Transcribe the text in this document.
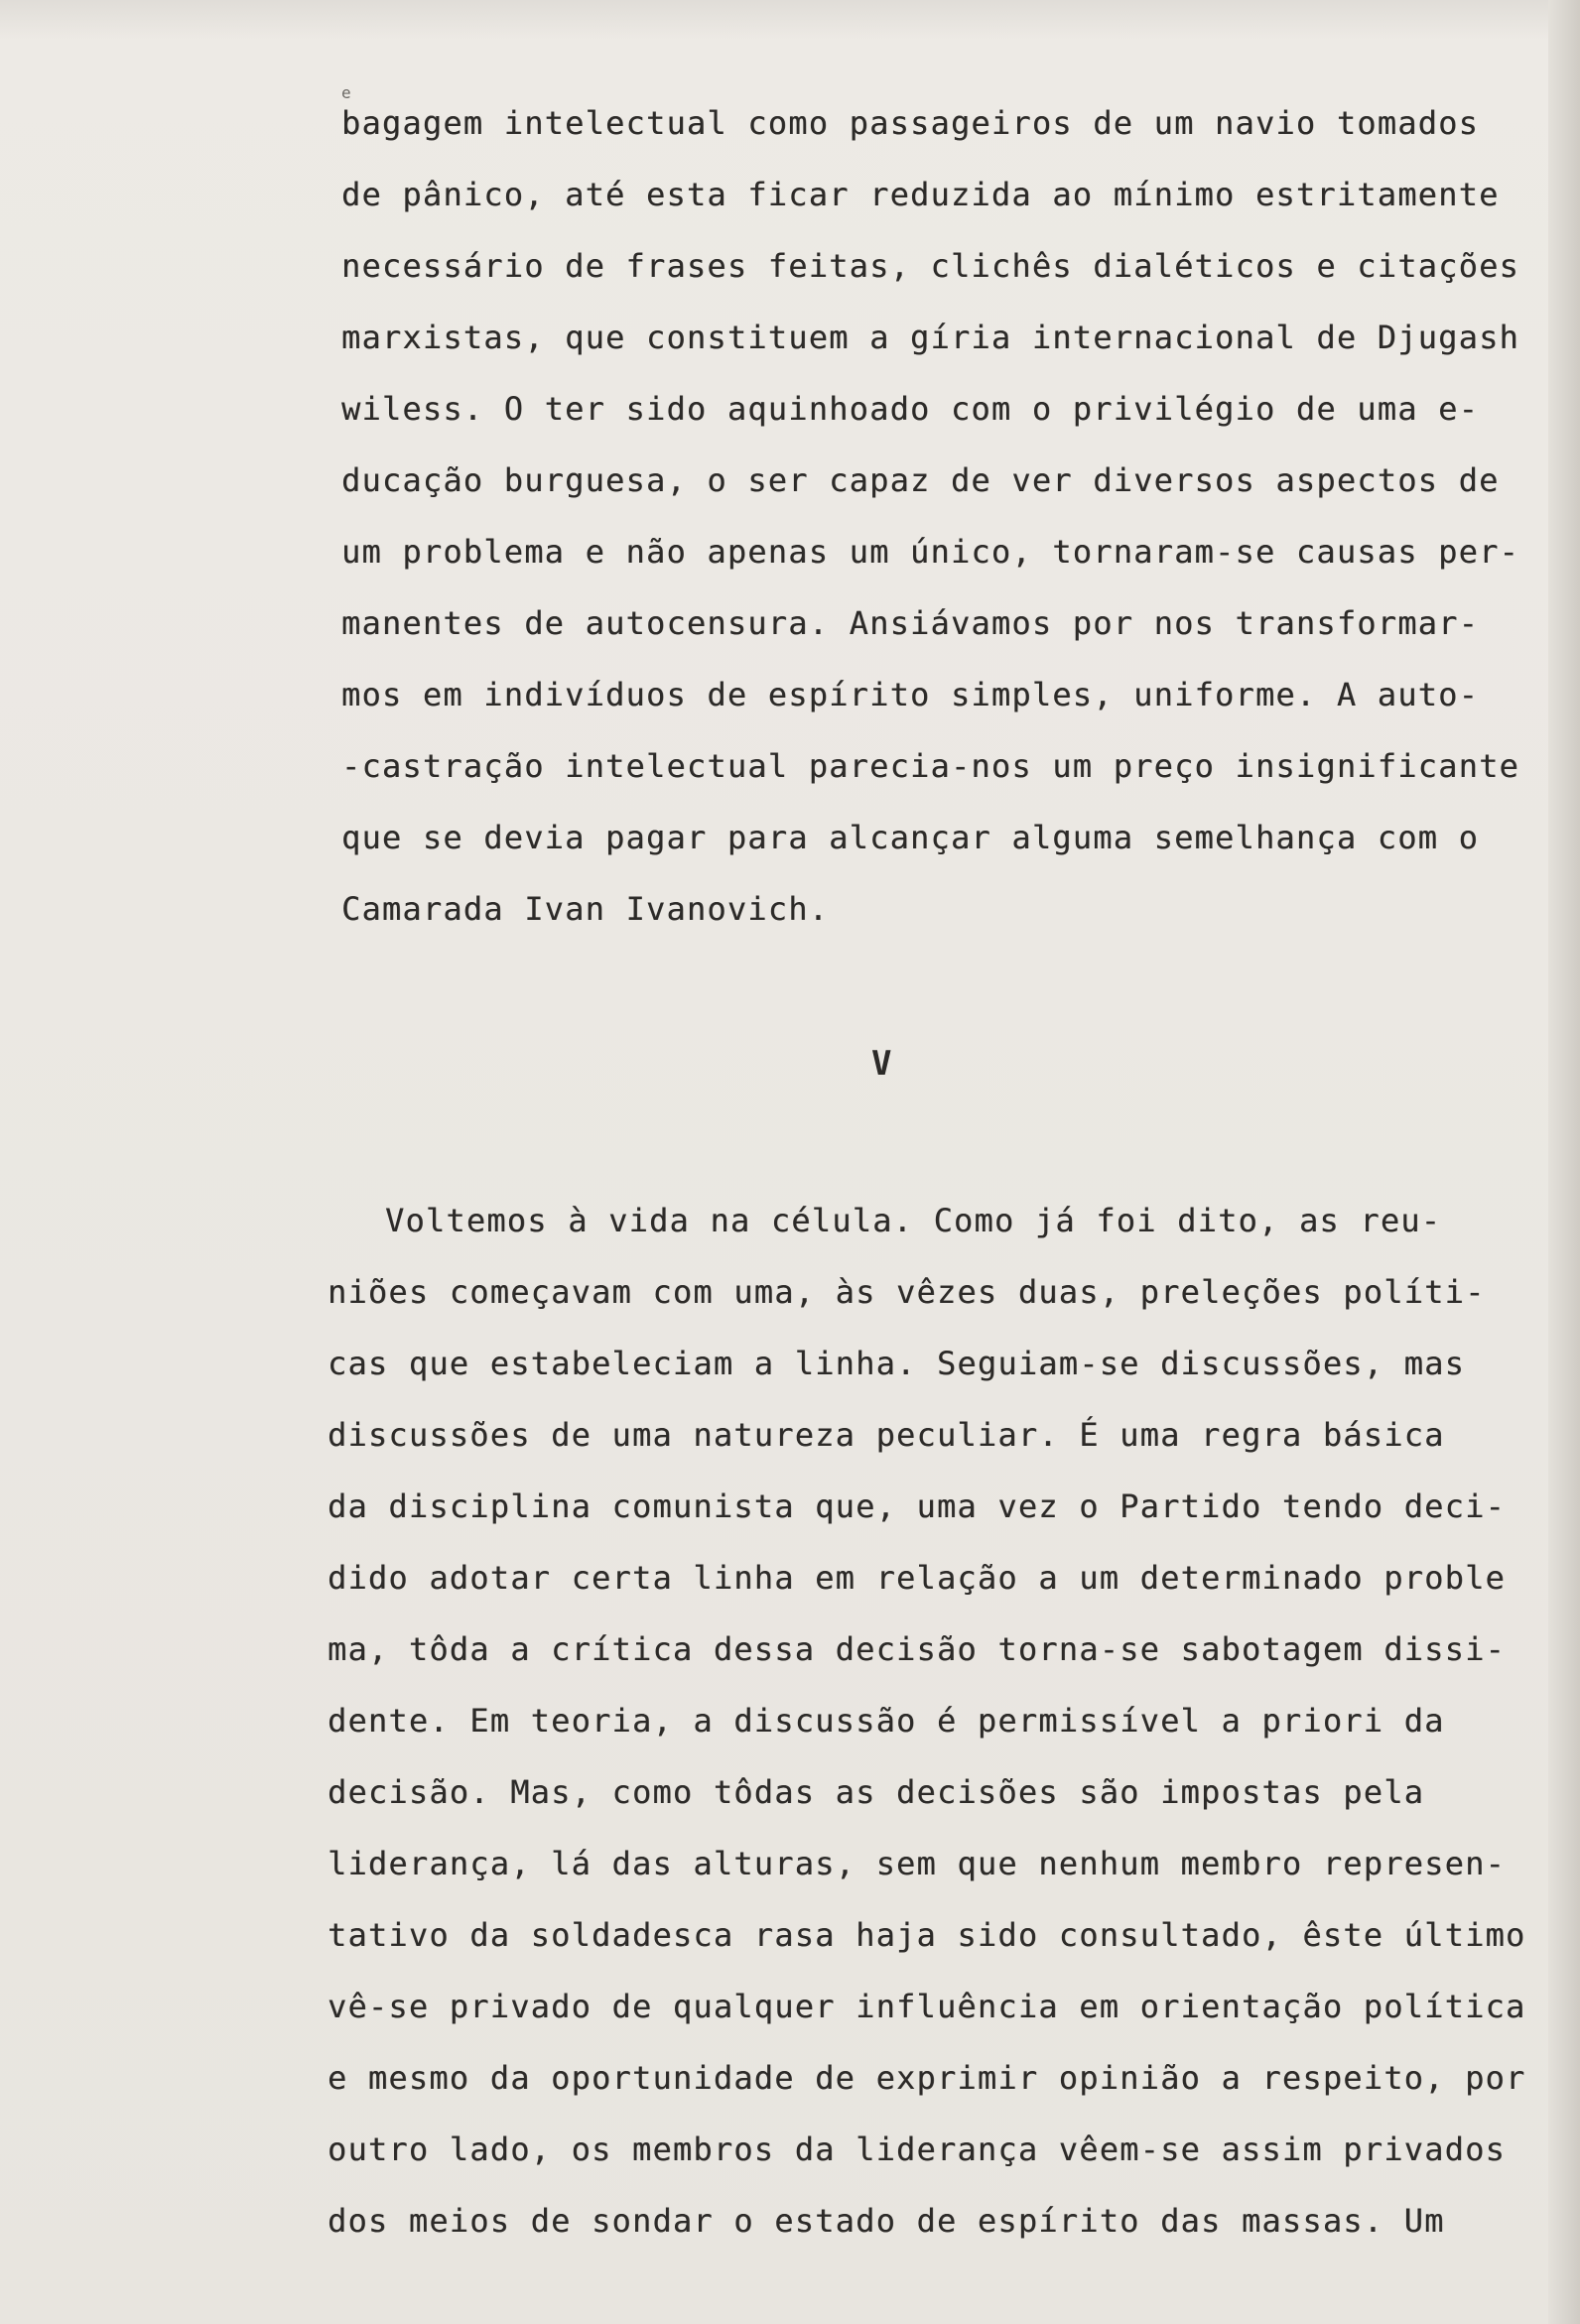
e

bagagem intelectual como passageiros de um navio tomados

de pânico, até esta ficar reduzida ao mínimo estritamente

necessário de frases feitas, clichês dialéticos e citações

marxistas, que constituem a gíria internacional de Djugash

wiless. O ter sido aquinhoado com o privilégio de uma e-

ducação burguesa, o ser capaz de ver diversos aspectos de

um problema e não apenas um único, tornaram-se causas per-

manentes de autocensura. Ansiávamos por nos transformar-

mos em indivíduos de espírito simples, uniforme. A auto-

-castração intelectual parecia-nos um preço insignificante

que se devia pagar para alcançar alguma semelhança com o

Camarada Ivan Ivanovich.

V

Voltemos à vida na célula. Como já foi dito, as reu-

niões começavam com uma, às vêzes duas, preleções políti-

cas que estabeleciam a linha. Seguiam-se discussões, mas

discussões de uma natureza peculiar. É uma regra básica

da disciplina comunista que, uma vez o Partido tendo deci-

dido adotar certa linha em relação a um determinado proble

ma, tôda a crítica dessa decisão torna-se sabotagem dissi-

dente. Em teoria, a discussão é permissível a priori da

decisão. Mas, como tôdas as decisões são impostas pela

liderança, lá das alturas, sem que nenhum membro represen-

tativo da soldadesca rasa haja sido consultado, êste último

vê-se privado de qualquer influência em orientação política

e mesmo da oportunidade de exprimir opinião a respeito, por

outro lado, os membros da liderança vêem-se assim privados

dos meios de sondar o estado de espírito das massas. Um
